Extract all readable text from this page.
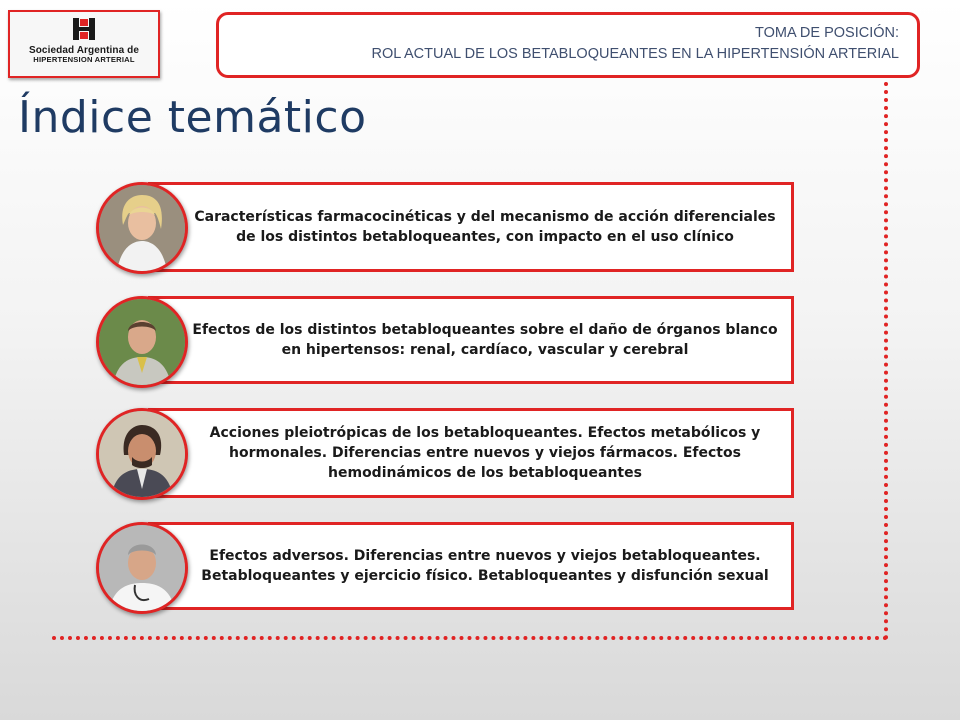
Sociedad Argentina de
HIPERTENSION ARTERIAL
TOMA DE POSICIÓN:
ROL ACTUAL DE LOS BETABLOQUEANTES EN LA HIPERTENSIÓN ARTERIAL
Índice temático
Características farmacocinéticas y del mecanismo de acción diferenciales de los distintos betabloqueantes, con impacto en el uso clínico
Efectos de los distintos betabloqueantes sobre el daño de órganos blanco en hipertensos: renal, cardíaco, vascular y cerebral
Acciones pleiotrópicas de los betabloqueantes. Efectos metabólicos y hormonales. Diferencias entre nuevos y viejos fármacos. Efectos hemodinámicos de los betabloqueantes
Efectos adversos. Diferencias entre nuevos y viejos betabloqueantes. Betabloqueantes y ejercicio físico. Betabloqueantes y disfunción sexual
